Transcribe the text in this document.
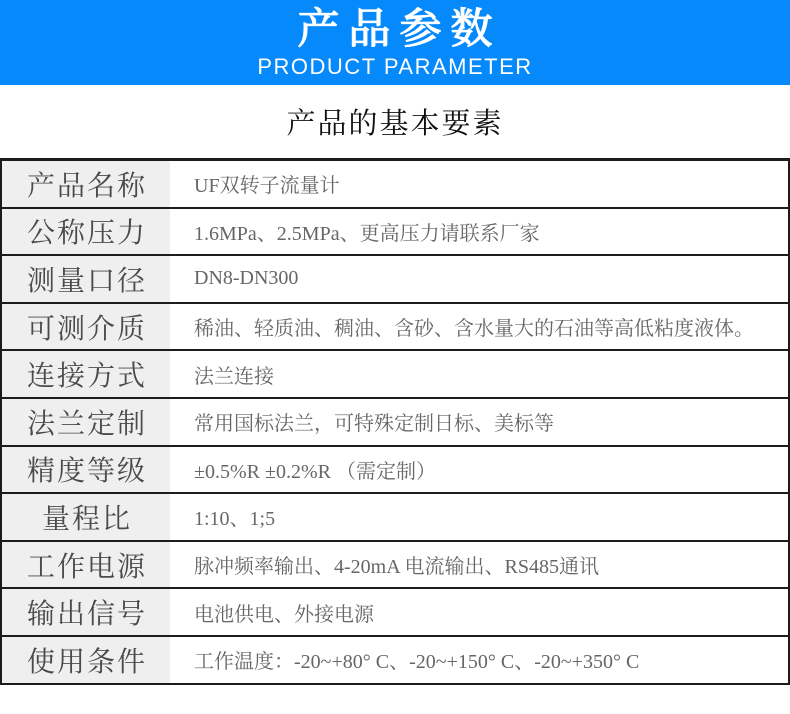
产品参数
PRODUCT PARAMETER
产品的基本要素
产品名称	UF双转子流量计
公称压力	1.6MPa、2.5MPa、更高压力请联系厂家
测量口径	DN8-DN300
可测介质	稀油、轻质油、稠油、含砂、含水量大的石油等高低粘度液体。
连接方式	法兰连接
法兰定制	常用国标法兰，可特殊定制日标、美标等
精度等级	±0.5%R ±0.2%R （需定制）
量程比	1:10、1;5
工作电源	脉冲频率输出、4-20mA 电流输出、RS485通讯
输出信号	电池供电、外接电源
使用条件	工作温度：-20~+80° C、-20~+150° C、-20~+350° C
